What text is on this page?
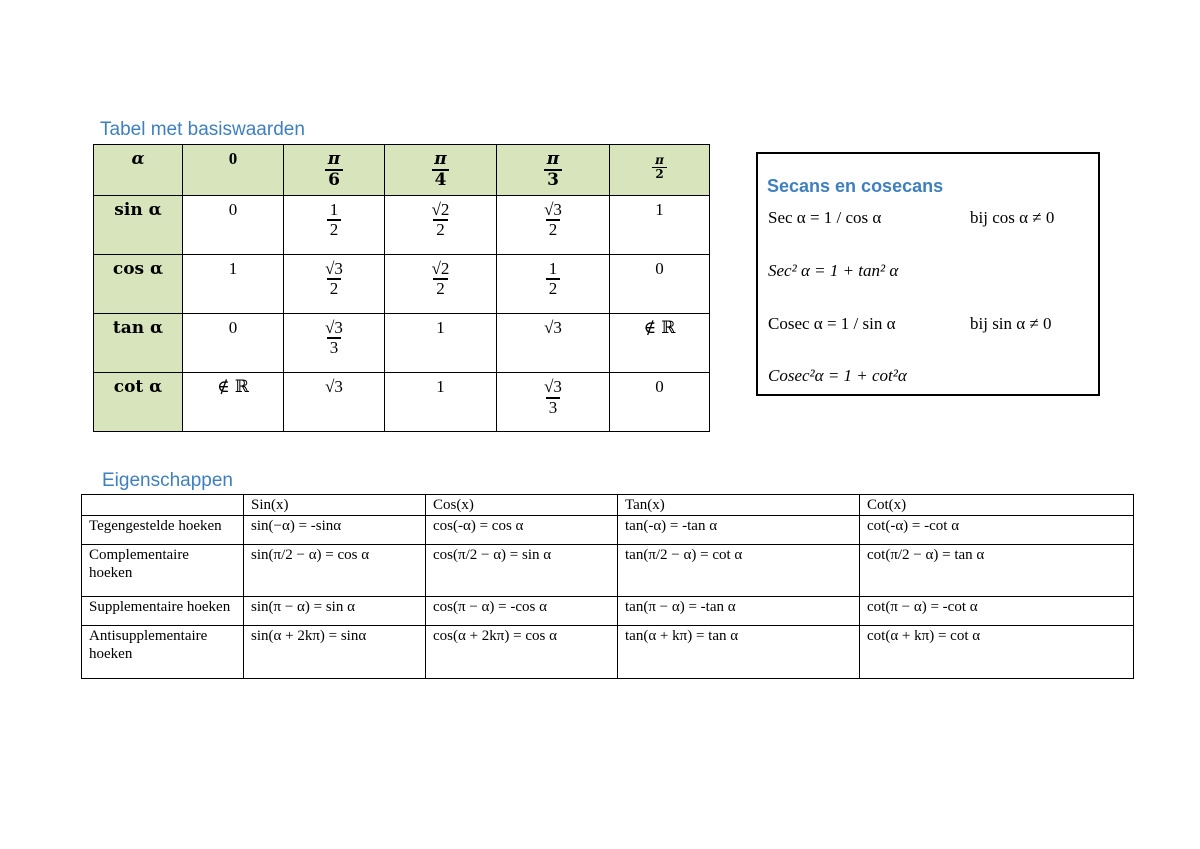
Tabel met basiswaarden
α	0	$\frac{\pi}{6}$	$\frac{\pi}{4}$	$\frac{\pi}{3}$	$\frac{\pi}{2}$

sin α	0	$\frac{1}{2}$	$\frac{√2}{2}$	$\frac{√3}{2}$	1
cos α	1	$\frac{√3}{2}$	$\frac{√2}{2}$	$\frac{1}{2}$	0
tan α	0	$\frac{√3}{3}$	1	√3	∉ ℝ
cot α	∉ ℝ	√3	1	$\frac{√3}{3}$	0
Secans en cosecans
Sec α = 1 / cos α	bij cos α ≠ 0
Sec² α = 1 + tan² α
Cosec α = 1 / sin α	bij sin α ≠ 0
Cosec²α = 1 + cot²α
Eigenschappen
	Sin(x)	Cos(x)	Tan(x)	Cot(x)
Tegengestelde hoeken	sin(−α) = -sinα	cos(-α) = cos α	tan(-α) = -tan α	cot(-α) = -cot α
Complementaire hoeken	sin(π/2 − α) = cos α	cos(π/2 − α) = sin α	tan(π/2 − α) = cot α	cot(π/2 − α) = tan α
Supplementaire hoeken	sin(π − α) = sin α	cos(π − α) = -cos α	tan(π − α) = -tan α	cot(π − α) = -cot α
Antisupplementaire hoeken	sin(α + 2kπ) = sinα	cos(α + 2kπ) = cos α	tan(α + kπ) = tan α	cot(α + kπ) = cot α
